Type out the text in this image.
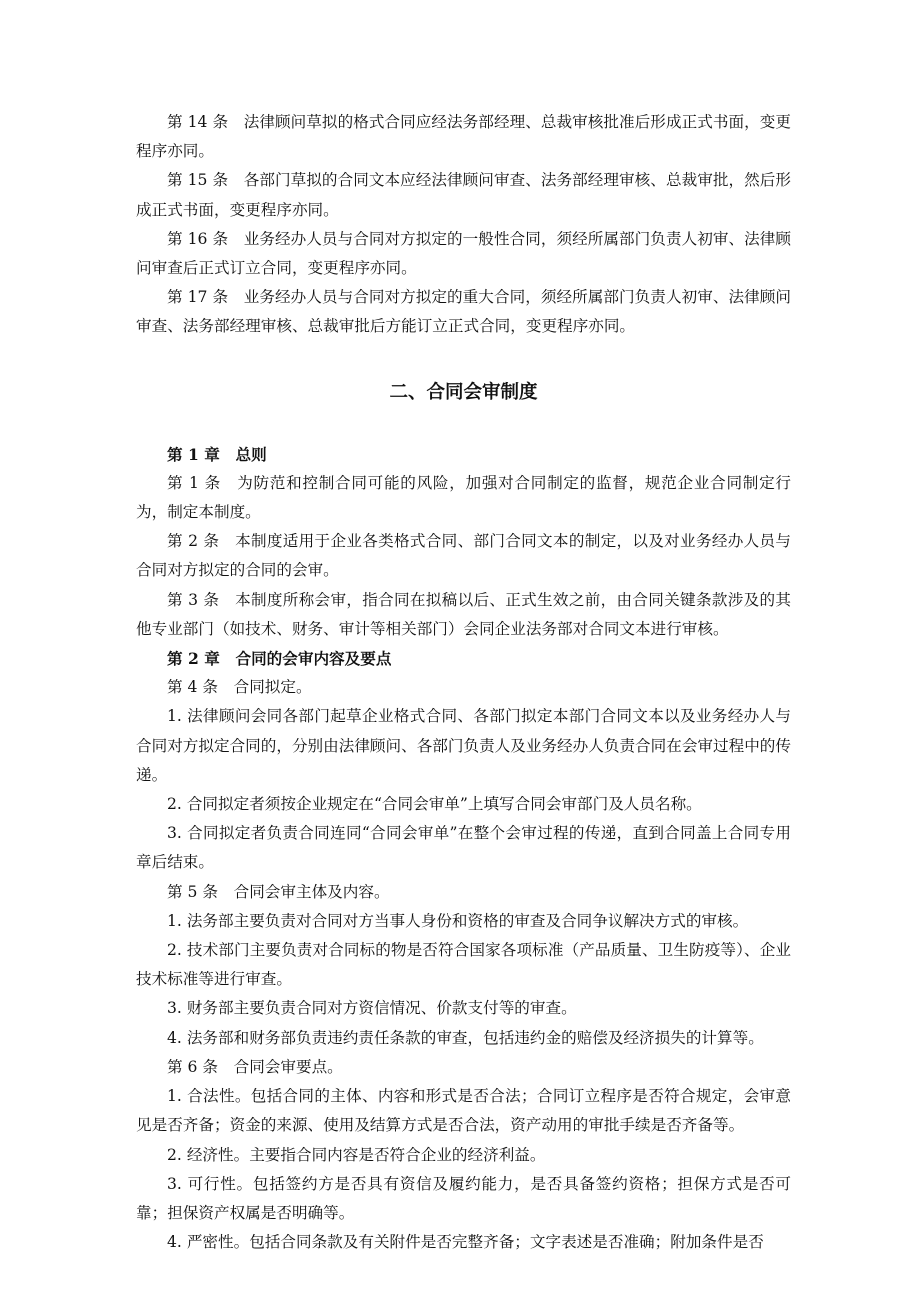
第 14 条　法律顾问草拟的格式合同应经法务部经理、总裁审核批准后形成正式书面，变更程序亦同。

第 15 条　各部门草拟的合同文本应经法律顾问审查、法务部经理审核、总裁审批，然后形成正式书面，变更程序亦同。

第 16 条　业务经办人员与合同对方拟定的一般性合同，须经所属部门负责人初审、法律顾问审查后正式订立合同，变更程序亦同。

第 17 条　业务经办人员与合同对方拟定的重大合同，须经所属部门负责人初审、法律顾问审查、法务部经理审核、总裁审批后方能订立正式合同，变更程序亦同。

二、合同会审制度

第 1 章　总则

第 1 条　为防范和控制合同可能的风险，加强对合同制定的监督，规范企业合同制定行为，制定本制度。

第 2 条　本制度适用于企业各类格式合同、部门合同文本的制定，以及对业务经办人员与合同对方拟定的合同的会审。

第 3 条　本制度所称会审，指合同在拟稿以后、正式生效之前，由合同关键条款涉及的其他专业部门（如技术、财务、审计等相关部门）会同企业法务部对合同文本进行审核。

第 2 章　合同的会审内容及要点

第 4 条　合同拟定。

1. 法律顾问会同各部门起草企业格式合同、各部门拟定本部门合同文本以及业务经办人与合同对方拟定合同的，分别由法律顾问、各部门负责人及业务经办人负责合同在会审过程中的传递。

2. 合同拟定者须按企业规定在“合同会审单”上填写合同会审部门及人员名称。

3. 合同拟定者负责合同连同“合同会审单”在整个会审过程的传递，直到合同盖上合同专用章后结束。

第 5 条　合同会审主体及内容。

1. 法务部主要负责对合同对方当事人身份和资格的审查及合同争议解决方式的审核。

2. 技术部门主要负责对合同标的物是否符合国家各项标准（产品质量、卫生防疫等）、企业技术标准等进行审查。

3. 财务部主要负责合同对方资信情况、价款支付等的审查。

4. 法务部和财务部负责违约责任条款的审查，包括违约金的赔偿及经济损失的计算等。

第 6 条　合同会审要点。

1. 合法性。包括合同的主体、内容和形式是否合法；合同订立程序是否符合规定，会审意见是否齐备；资金的来源、使用及结算方式是否合法，资产动用的审批手续是否齐备等。

2. 经济性。主要指合同内容是否符合企业的经济利益。

3. 可行性。包括签约方是否具有资信及履约能力，是否具备签约资格；担保方式是否可靠；担保资产权属是否明确等。

4. 严密性。包括合同条款及有关附件是否完整齐备；文字表述是否准确；附加条件是否
